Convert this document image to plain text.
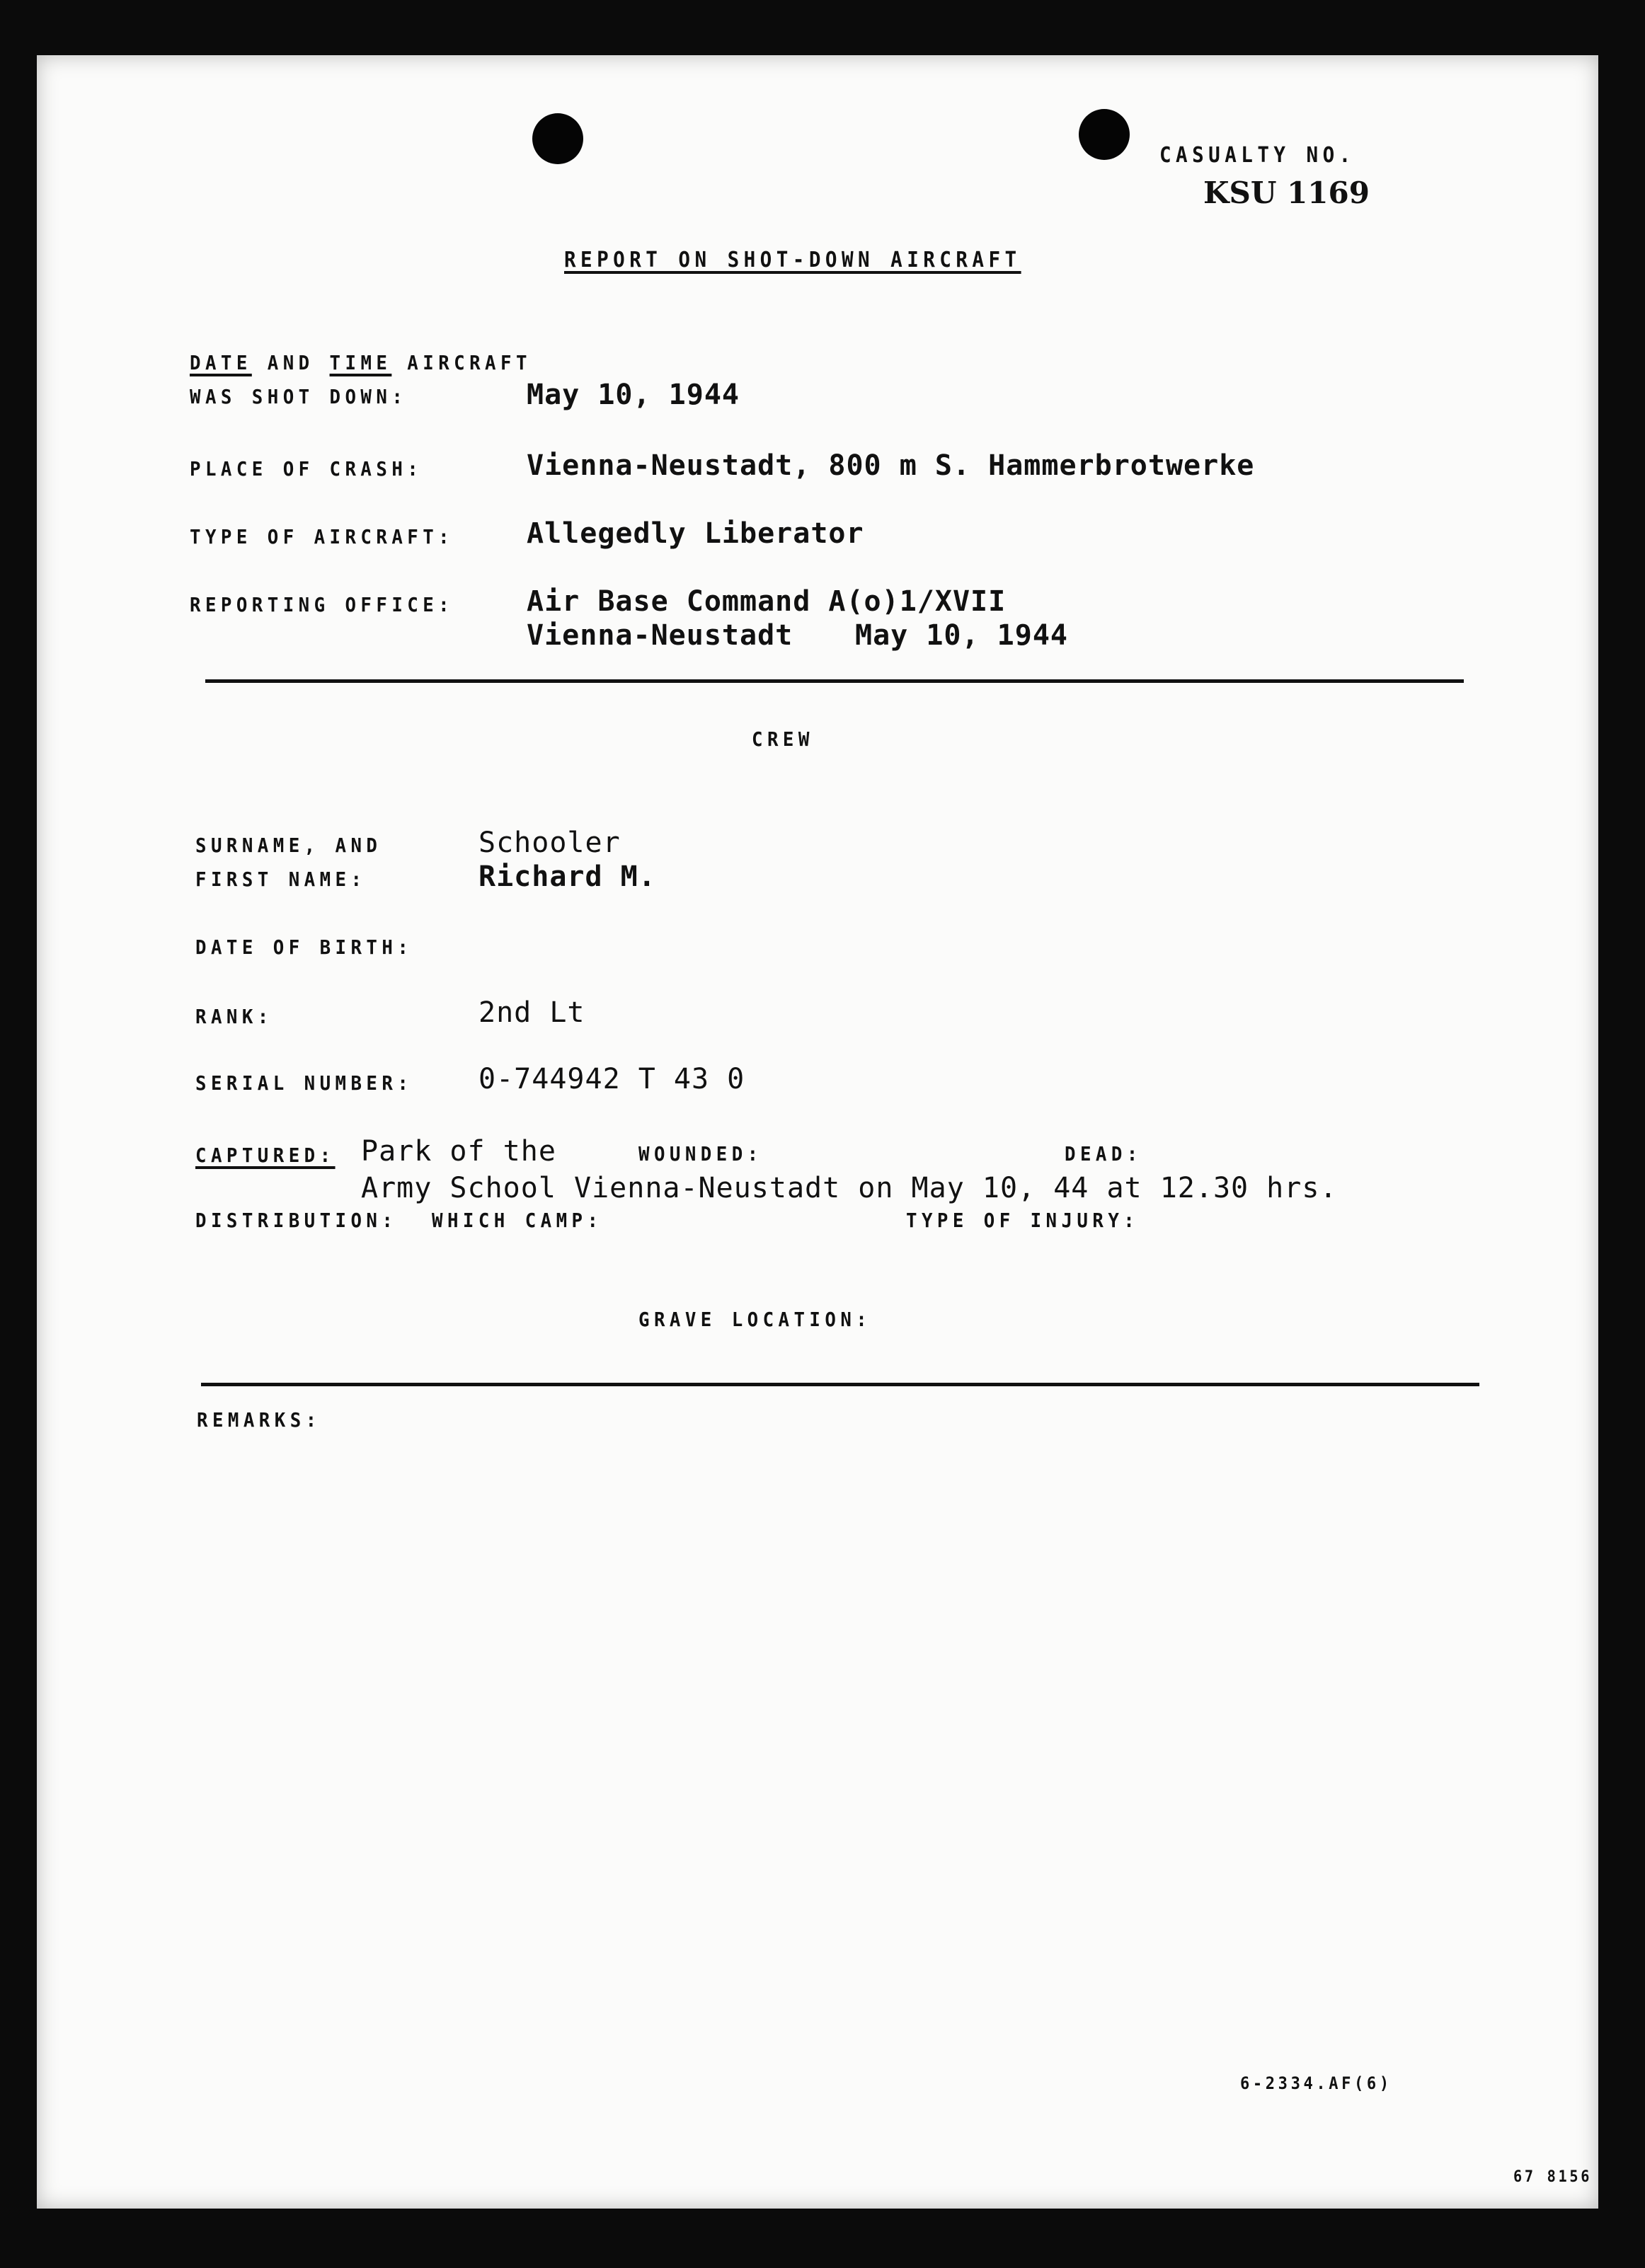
CASUALTY NO.
KSU 1169
REPORT ON SHOT-DOWN AIRCRAFT
DATE AND TIME AIRCRAFT
WAS SHOT DOWN:	May 10, 1944
PLACE OF CRASH:	Vienna-Neustadt, 800 m S. Hammerbrotwerke
TYPE OF AIRCRAFT:	Allegedly Liberator
REPORTING OFFICE:	Air Base Command A(o)1/XVII
Vienna-Neustadt May 10, 1944
CREW
SURNAME, AND
FIRST NAME:
Schooler
Richard M.
DATE OF BIRTH:
RANK:	2nd Lt
SERIAL NUMBER: 0-744942 T 43 0
CAPTURED: Park of the	WOUNDED:	DEAD:
Army School Vienna-Neustadt on May 10, 44 at 12.30 hrs.
DISTRIBUTION: WHICH CAMP:	TYPE OF INJURY:
GRAVE LOCATION:
REMARKS:
6-2334.AF(6)
67 8156
